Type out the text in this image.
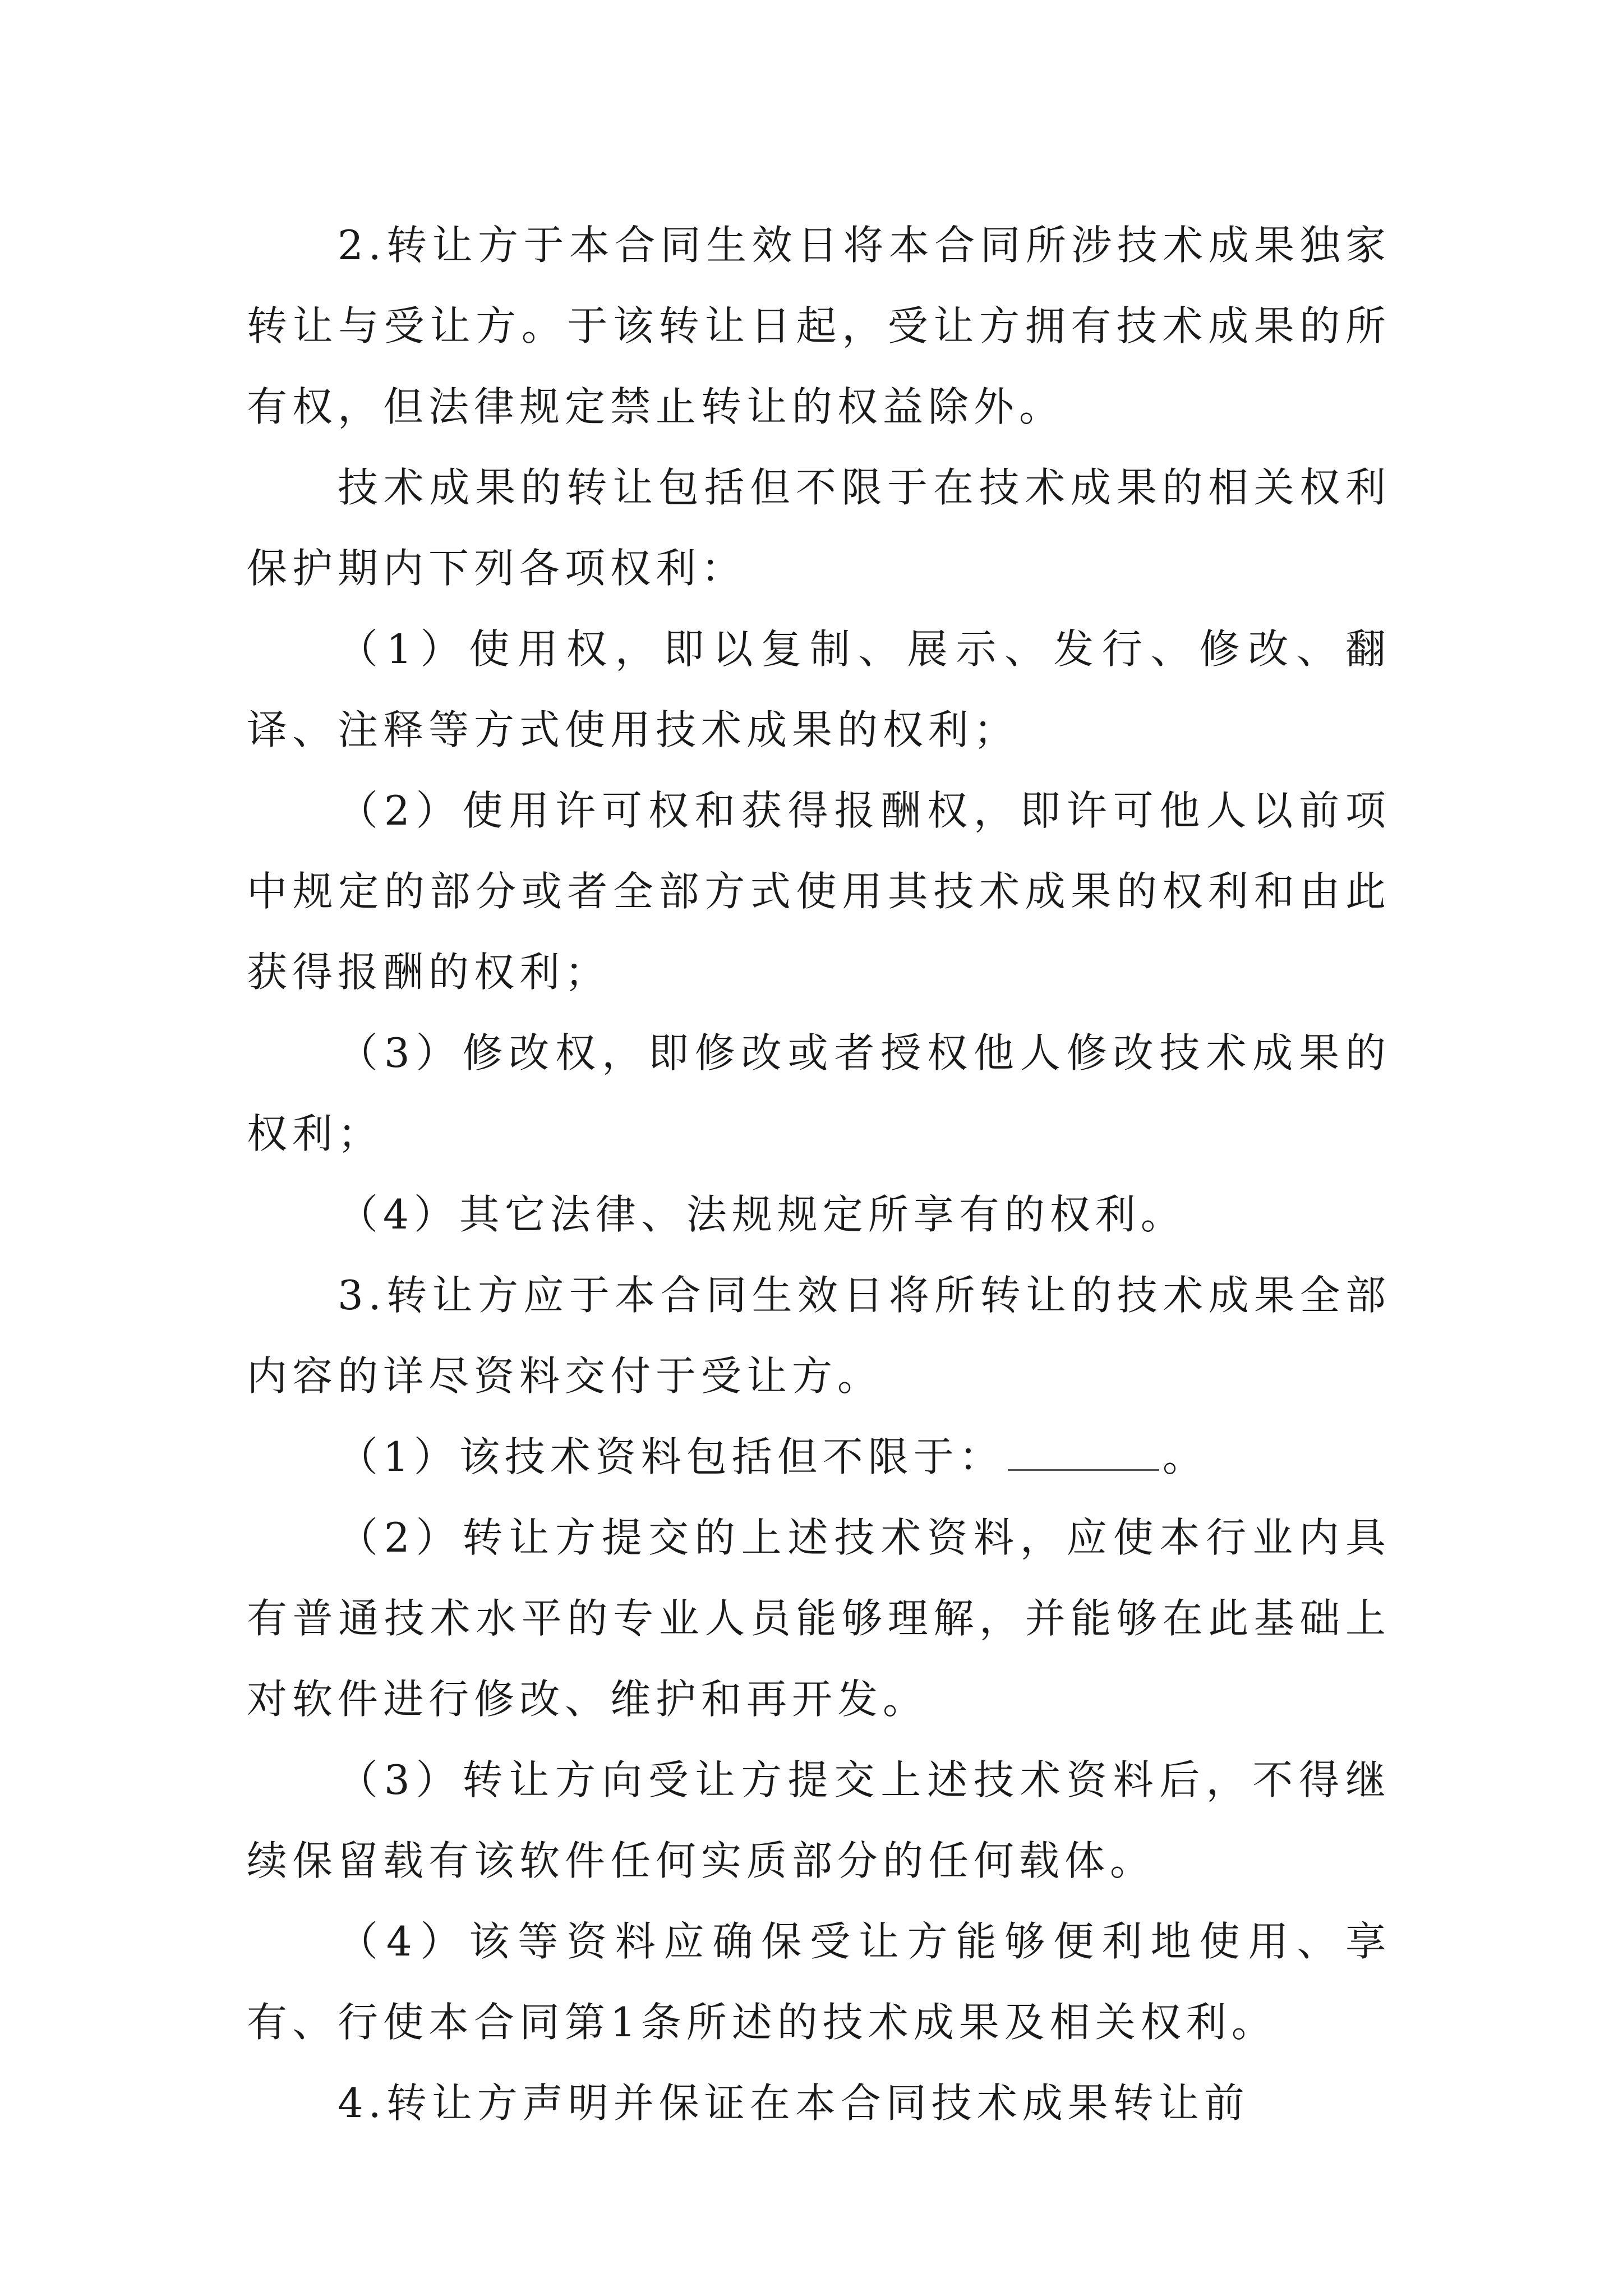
2.转让方于本合同生效日将本合同所涉技术成果独家转让与受让方。于该转让日起，受让方拥有技术成果的所有权，但法律规定禁止转让的权益除外。

技术成果的转让包括但不限于在技术成果的相关权利保护期内下列各项权利：

（1）使用权，即以复制、展示、发行、修改、翻译、注释等方式使用技术成果的权利；

（2）使用许可权和获得报酬权，即许可他人以前项中规定的部分或者全部方式使用其技术成果的权利和由此获得报酬的权利；

（3）修改权，即修改或者授权他人修改技术成果的权利；

（4）其它法律、法规规定所享有的权利。

3.转让方应于本合同生效日将所转让的技术成果全部内容的详尽资料交付于受让方。

（1）该技术资料包括但不限于：	。

（2）转让方提交的上述技术资料，应使本行业内具有普通技术水平的专业人员能够理解，并能够在此基础上对软件进行修改、维护和再开发。

（3）转让方向受让方提交上述技术资料后，不得继续保留载有该软件任何实质部分的任何载体。

（4）该等资料应确保受让方能够便利地使用、享有、行使本合同第1条所述的技术成果及相关权利。

4.转让方声明并保证在本合同技术成果转让前
